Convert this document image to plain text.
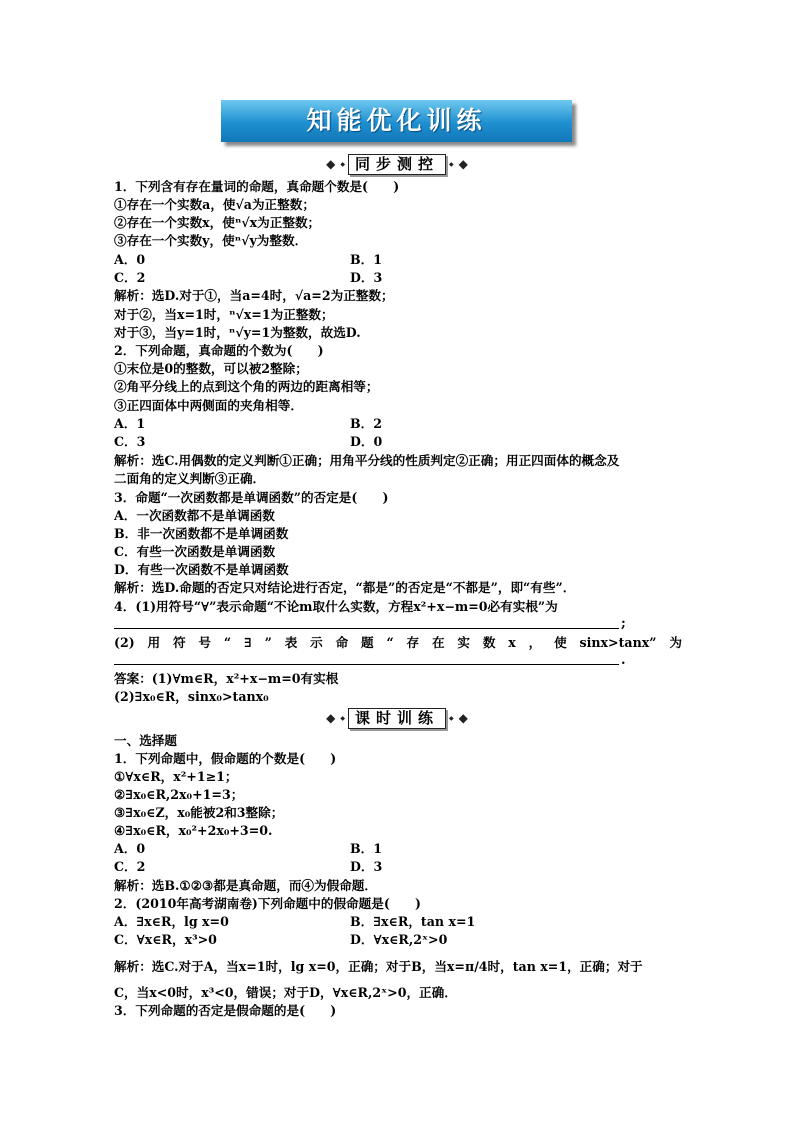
知能优化训练
◆ ◆ 同步测控	◆ ◆
1．下列含有存在量词的命题，真命题个数是(　　)
①存在一个实数a，使√a为正整数；
②存在一个实数x，使ⁿ√x为正整数；
③存在一个实数y，使ⁿ√y为整数．
A．0	B．1
C．2	D．3
解析：选D.对于①，当a=4时，√a=2为正整数；
对于②，当x=1时，ⁿ√x=1为正整数；
对于③，当y=1时，ⁿ√y=1为整数，故选D.
2．下列命题，真命题的个数为(　　)
①末位是0的整数，可以被2整除；
②角平分线上的点到这个角的两边的距离相等；
③正四面体中两侧面的夹角相等．
A．1	B．2
C．3	D．0
解析：选C.用偶数的定义判断①正确；用角平分线的性质判定②正确；用正四面体的概念及
二面角的定义判断③正确．
3．命题“一次函数都是单调函数”的否定是(　　)
A．一次函数都不是单调函数
B．非一次函数都不是单调函数
C．有些一次函数是单调函数
D．有些一次函数不是单调函数
解析：选D.命题的否定只对结论进行否定，“都是”的否定是“不都是”，即“有些”．
4．(1)用符号“∀”表示命题“不论m取什么实数，方程x²+x−m=0必有实根”为
;
(2) 用 符 号 “ ∃ ” 表 示 命 题 “ 存 在 实 数 x ， 使 sinx>tanx” 为
.
答案：(1)∀m∈R，x²+x−m=0有实根
(2)∃x₀∈R，sinx₀>tanx₀
◆ ◆ 课时训练	◆ ◆
一、选择题
1．下列命题中，假命题的个数是(　　)
①∀x∈R，x²+1≥1；
②∃x₀∈R,2x₀+1=3；
③∃x₀∈Z，x₀能被2和3整除；
④∃x₀∈R，x₀²+2x₀+3=0.
A．0	B．1
C．2	D．3
解析：选B.①②③都是真命题，而④为假命题．
2．(2010年高考湖南卷)下列命题中的假命题是(　　)
A．∃x∈R，lg x=0	B．∃x∈R，tan x=1
C．∀x∈R，x³>0	D．∀x∈R,2ˣ>0
解析：选C.对于A，当x=1时，lg x=0，正确；对于B，当x=π/4时，tan x=1，正确；对于
C，当x<0时，x³<0，错误；对于D，∀x∈R,2ˣ>0，正确．
3．下列命题的否定是假命题的是(　　)
